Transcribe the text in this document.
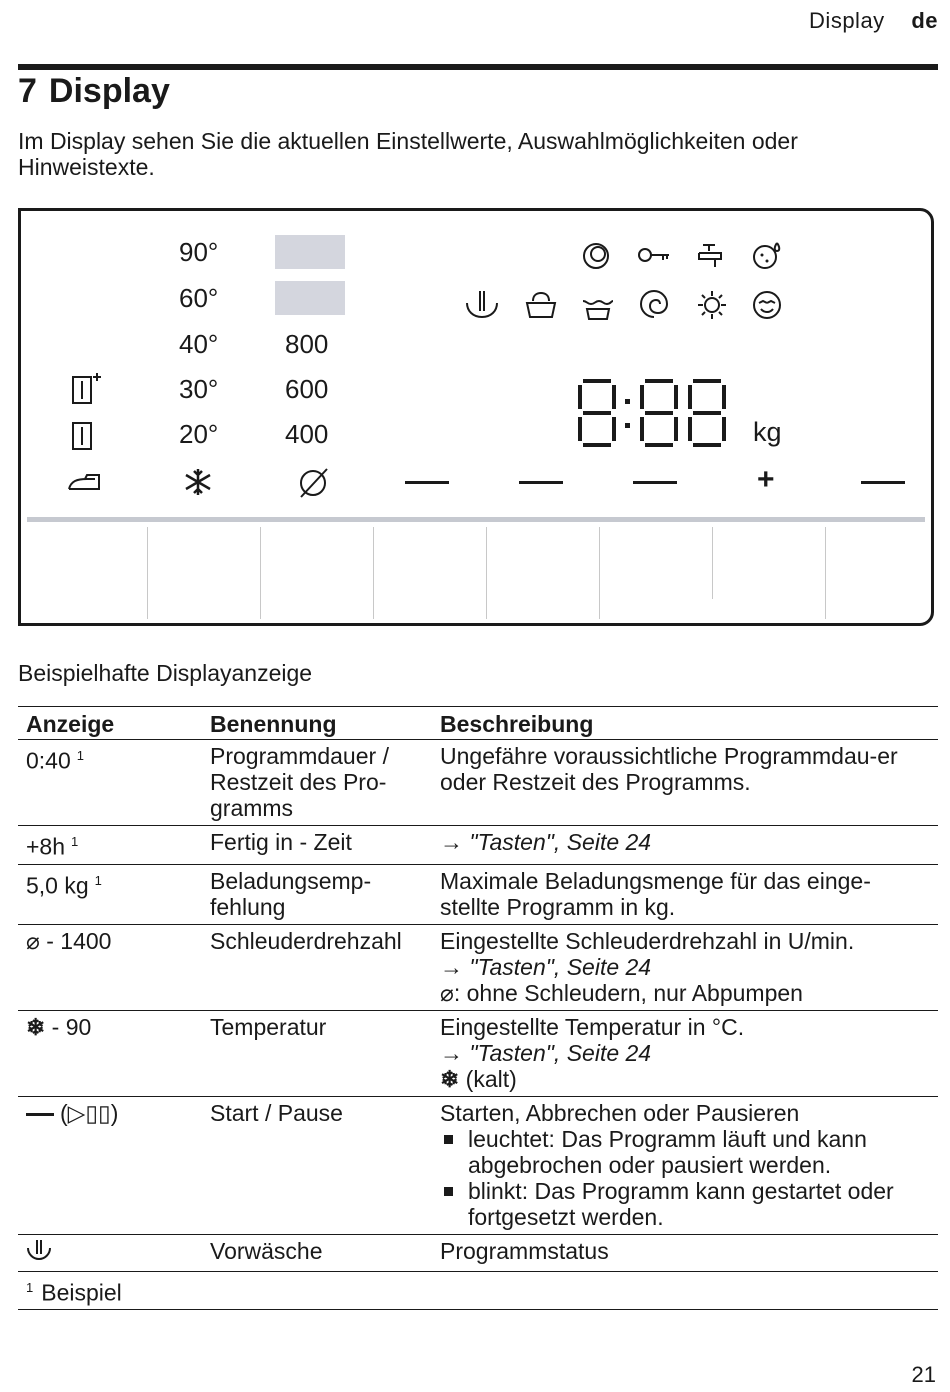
Display de
7 Display

Im Display sehen Sie die aktuellen Einstellwerte, Auswahlmöglichkeiten oder Hinweistexte.

90°
60°
40°
30°
20°
800
600
400	kg
+

Beispielhafte Displayanzeige

Anzeige	Benennung	Beschreibung
0:40 $^1$	Programmdauer / Restzeit des Pro-gramms	Ungefähre voraussichtliche Programmdau-er oder Restzeit des Programms.
+8h $^1$	Fertig in - Zeit	→ "Tasten", Seite 24
5,0 kg $^1$	Beladungsemp-fehlung	Maximale Beladungsmenge für das einge-stellte Programm in kg.
⌀ - 1400	Schleuderdrehzahl	Eingestellte Schleuderdrehzahl in U/min.
→ "Tasten", Seite 24
⌀: ohne Schleudern, nur Abpumpen

❄ - 90	Temperatur	Eingestellte Temperatur in °C.
→ "Tasten", Seite 24
❄ (kalt)

(▷▯▯)	Start / Pause	Starten, Abbrechen oder Pausieren
leuchtet: Das Programm läuft und kann abgebrochen oder pausiert werden.
blinkt: Das Programm kann gestartet oder fortgesetzt werden.

	Vorwäsche	Programmstatus
$^1$ Beispiel		
21
